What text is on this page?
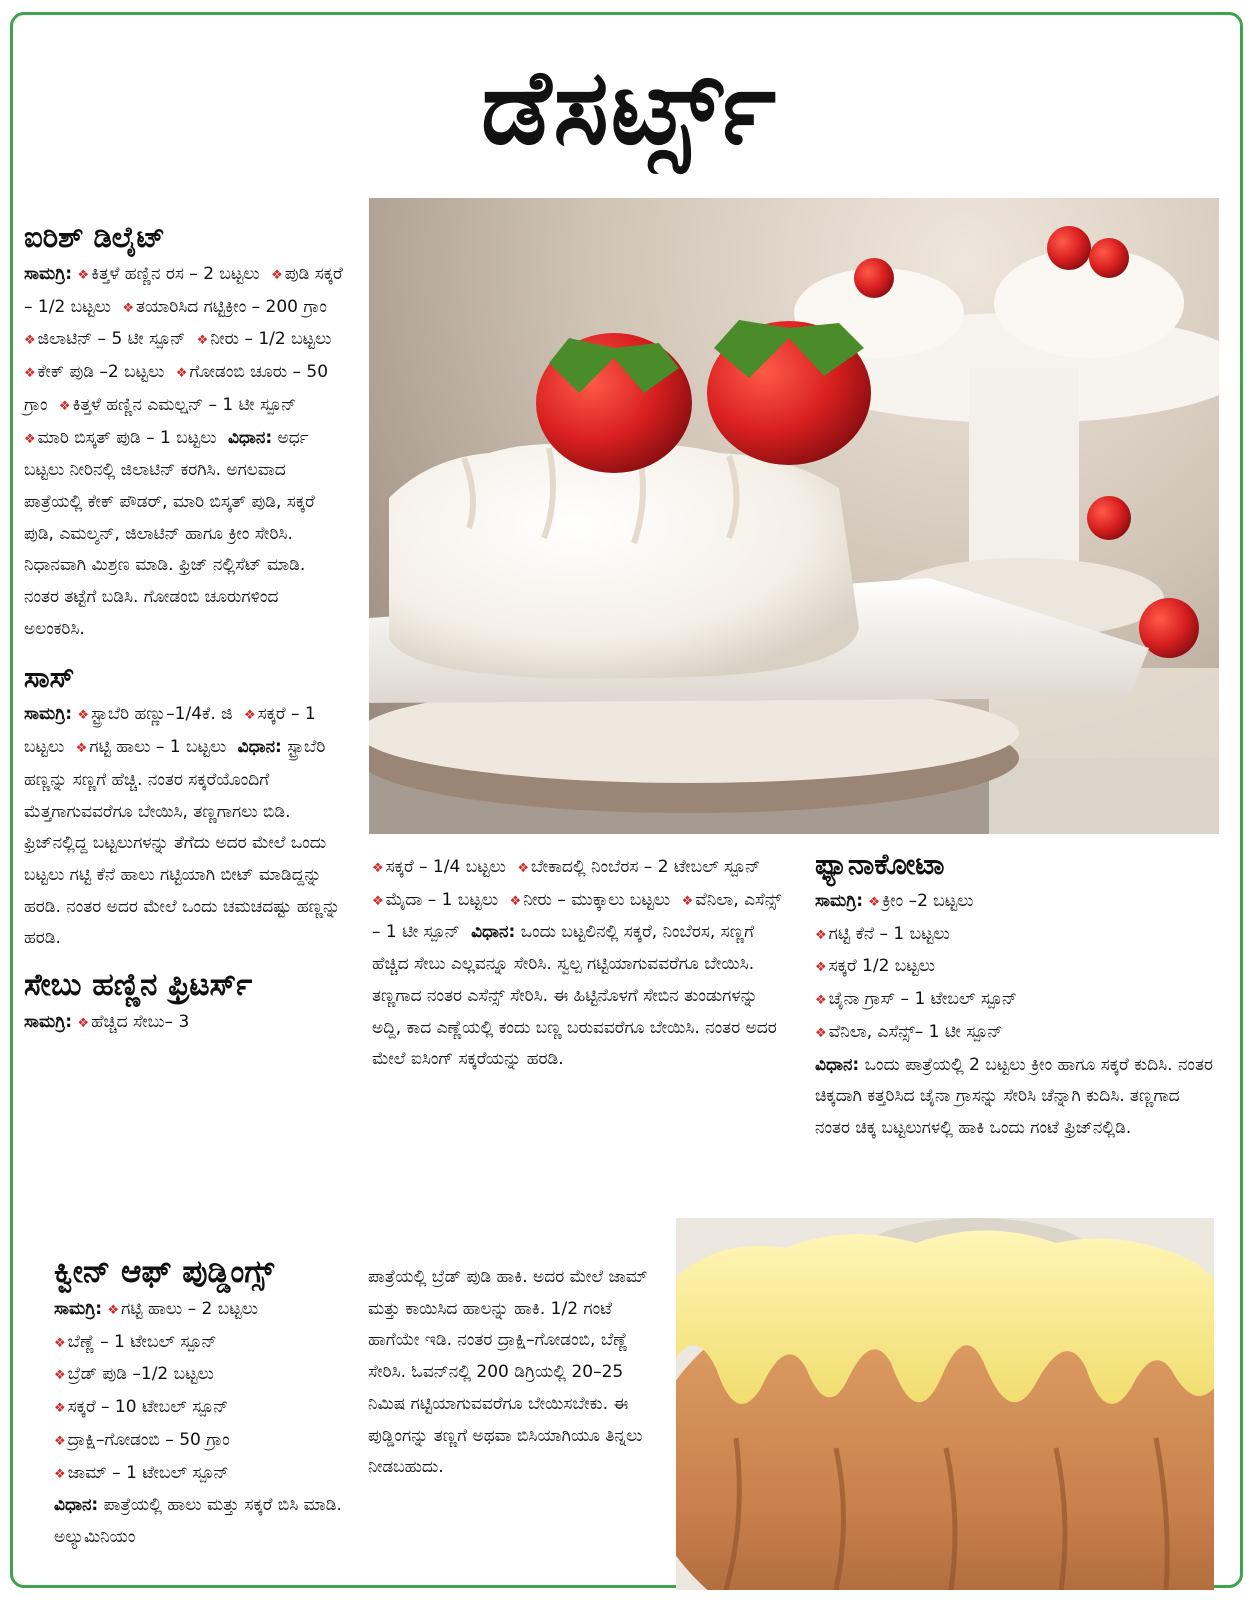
ಡೆಸರ್ಟ್ಸ್
ಐರಿಶ್ ಡಿಲೈಟ್
ಸಾಮಗ್ರಿ: ❖ ಕಿತ್ತಳೆ ಹಣ್ಣಿನ ರಸ – 2 ಬಟ್ಟಲು ❖ ಪುಡಿ ಸಕ್ಕರೆ – 1/2 ಬಟ್ಟಲು ❖ ತಯಾರಿಸಿದ ಗಟ್ಟಿಕ್ರೀಂ – 200 ಗ್ರಾಂ ❖ ಜಿಲಾಟಿನ್ – 5 ಟೀ ಸ್ಪೂನ್ ❖ ನೀರು – 1/2 ಬಟ್ಟಲು ❖ ಕೇಕ್ ಪುಡಿ –2 ಬಟ್ಟಲು ❖ ಗೋಡಂಬಿ ಚೂರು – 50 ಗ್ರಾಂ ❖ ಕಿತ್ತಳೆ ಹಣ್ಣಿನ ಎಮಲ್ಷನ್ – 1 ಟೀ ಸ್ಪೂನ್ ❖ ಮಾರಿ ಬಿಸ್ಕತ್ ಪುಡಿ – 1 ಬಟ್ಟಲು ವಿಧಾನ: ಅರ್ಧ ಬಟ್ಟಲು ನೀರಿನಲ್ಲಿ ಜಿಲಾಟಿನ್ ಕರಗಿಸಿ. ಅಗಲವಾದ ಪಾತ್ರೆಯಲ್ಲಿ ಕೇಕ್ ಪೌಡರ್, ಮಾರಿ ಬಿಸ್ಕತ್ ಪುಡಿ, ಸಕ್ಕರೆ ಪುಡಿ, ಎಮಲ್ಶನ್, ಜಿಲಾಟಿನ್ ಹಾಗೂ ಕ್ರೀಂ ಸೇರಿಸಿ. ನಿಧಾನವಾಗಿ ಮಿಶ್ರಣ ಮಾಡಿ. ಫ್ರಿಜ್ ನಲ್ಲಿಸೆಟ್ ಮಾಡಿ. ನಂತರ ತಟ್ಟೆಗೆ ಬಡಿಸಿ. ಗೋಡಂಬಿ ಚೂರುಗಳಿಂದ ಅಲಂಕರಿಸಿ.
ಸಾಸ್
ಸಾಮಗ್ರಿ: ❖ ಸ್ಟ್ರಾಬೆರಿ ಹಣ್ಣು–1/4ಕೆ. ಜಿ ❖ ಸಕ್ಕರೆ – 1 ಬಟ್ಟಲು ❖ ಗಟ್ಟಿ ಹಾಲು – 1 ಬಟ್ಟಲು ವಿಧಾನ: ಸ್ಟ್ರಾಬೆರಿ ಹಣ್ಣನ್ನು ಸಣ್ಣಗೆ ಹೆಚ್ಚಿ. ನಂತರ ಸಕ್ಕರೆಯೊಂದಿಗೆ ಮೆತ್ತಗಾಗುವವರೆಗೂ ಬೇಯಿಸಿ, ತಣ್ಣಗಾಗಲು ಬಿಡಿ. ಫ್ರಿಜ್‌ನಲ್ಲಿದ್ದ ಬಟ್ಟಲುಗಳನ್ನು ತೆಗೆದು ಅದರ ಮೇಲೆ ಒಂದು ಬಟ್ಟಲು ಗಟ್ಟಿ ಕೆನೆ ಹಾಲು ಗಟ್ಟಿಯಾಗಿ ಬೀಟ್ ಮಾಡಿದ್ದನ್ನು ಹರಡಿ. ನಂತರ ಅದರ ಮೇಲೆ ಒಂದು ಚಮಚದಷ್ಟು ಹಣ್ಣನ್ನು ಹರಡಿ.
ಸೇಬು ಹಣ್ಣಿನ ಫ್ರಿಟರ್ಸ್
ಸಾಮಗ್ರಿ: ❖ ಹೆಚ್ಚಿದ ಸೇಬು– 3
❖ ಸಕ್ಕರೆ – 1/4 ಬಟ್ಟಲು ❖ ಬೇಕಾದಲ್ಲಿ ನಿಂಬೆರಸ – 2 ಟೇಬಲ್ ಸ್ಪೂನ್ ❖ ಮೈದಾ – 1 ಬಟ್ಟಲು ❖ ನೀರು – ಮುಕ್ಕಾಲು ಬಟ್ಟಲು ❖ ವೆನಿಲಾ, ಎಸೆನ್ಸ್ – 1 ಟೀ ಸ್ಪೂನ್ ವಿಧಾನ: ಒಂದು ಬಟ್ಟಲಿನಲ್ಲಿ ಸಕ್ಕರೆ, ನಿಂಬೆರಸ, ಸಣ್ಣಗೆ ಹೆಚ್ಚಿದ ಸೇಬು ಎಲ್ಲವನ್ನೂ ಸೇರಿಸಿ. ಸ್ವಲ್ಪ ಗಟ್ಟಿಯಾಗುವವರೆಗೂ ಬೇಯಿಸಿ. ತಣ್ಣಗಾದ ನಂತರ ಎಸೆನ್ಸ್ ಸೇರಿಸಿ. ಈ ಹಿಟ್ಟಿನೊಳಗೆ ಸೇಬಿನ ತುಂಡುಗಳನ್ನು ಅದ್ದಿ, ಕಾದ ಎಣ್ಣೆಯಲ್ಲಿ ಕಂದು ಬಣ್ಣ ಬರುವವರೆಗೂ ಬೇಯಿಸಿ. ನಂತರ ಅದರ ಮೇಲೆ ಐಸಿಂಗ್ ಸಕ್ಕರೆಯನ್ನು ಹರಡಿ.
ಫ್ಯಾನಾಕೋಟಾ
ಸಾಮಗ್ರಿ: ❖ ಕ್ರೀಂ –2 ಬಟ್ಟಲು
❖ ಗಟ್ಟಿ ಕೆನೆ – 1 ಬಟ್ಟಲು
❖ ಸಕ್ಕರೆ 1/2 ಬಟ್ಟಲು
❖ ಚೈನಾ ಗ್ರಾಸ್ – 1 ಟೇಬಲ್ ಸ್ಪೂನ್
❖ ವೆನಿಲಾ, ಎಸೆನ್ಸ್– 1 ಟೀ ಸ್ಪೂನ್
ವಿಧಾನ: ಒಂದು ಪಾತ್ರೆಯಲ್ಲಿ 2 ಬಟ್ಟಲು ಕ್ರೀಂ ಹಾಗೂ ಸಕ್ಕರೆ ಕುದಿಸಿ. ನಂತರ ಚಿಕ್ಕದಾಗಿ ಕತ್ತರಿಸಿದ ಚೈನಾ ಗ್ರಾಸನ್ನು ಸೇರಿಸಿ ಚೆನ್ನಾಗಿ ಕುದಿಸಿ. ತಣ್ಣಗಾದ ನಂತರ ಚಿಕ್ಕ ಬಟ್ಟಲುಗಳಲ್ಲಿ ಹಾಕಿ ಒಂದು ಗಂಟೆ ಫ್ರಿಜ್‌ನಲ್ಲಿಡಿ.
ಕ್ವೀನ್ ಆಫ್ ಪುಡ್ಡಿಂಗ್ಸ್
ಸಾಮಗ್ರಿ: ❖ ಗಟ್ಟಿ ಹಾಲು – 2 ಬಟ್ಟಲು
❖ ಬೆಣ್ಣೆ – 1 ಟೇಬಲ್ ಸ್ಪೂನ್
❖ ಬ್ರೆಡ್ ಪುಡಿ –1/2 ಬಟ್ಟಲು
❖ ಸಕ್ಕರೆ – 10 ಟೇಬಲ್ ಸ್ಪೂನ್
❖ ದ್ರಾಕ್ಷಿ–ಗೋಡಂಬಿ – 50 ಗ್ರಾಂ
❖ ಜಾಮ್ – 1 ಟೇಬಲ್ ಸ್ಪೂನ್
ವಿಧಾನ: ಪಾತ್ರೆಯಲ್ಲಿ ಹಾಲು ಮತ್ತು ಸಕ್ಕರೆ ಬಿಸಿ ಮಾಡಿ. ಅಲ್ಯುಮಿನಿಯಂ
ಪಾತ್ರೆಯಲ್ಲಿ ಬ್ರೆಡ್ ಪುಡಿ ಹಾಕಿ. ಅದರ ಮೇಲೆ ಜಾಮ್ ಮತ್ತು ಕಾಯಿಸಿದ ಹಾಲನ್ನು ಹಾಕಿ. 1/2 ಗಂಟೆ ಹಾಗೆಯೇ ಇಡಿ. ನಂತರ ದ್ರಾಕ್ಷಿ–ಗೋಡಂಬಿ, ಬೆಣ್ಣೆ ಸೇರಿಸಿ. ಓವನ್‌ನಲ್ಲಿ 200 ಡಿಗ್ರಿಯಲ್ಲಿ 20–25 ನಿಮಿಷ ಗಟ್ಟಿಯಾಗುವವರೆಗೂ ಬೇಯಿಸಬೇಕು. ಈ ಪುಡ್ಡಿಂಗನ್ನು ತಣ್ಣಗೆ ಅಥವಾ ಬಿಸಿಯಾಗಿಯೂ ತಿನ್ನಲು ನೀಡಬಹುದು.
